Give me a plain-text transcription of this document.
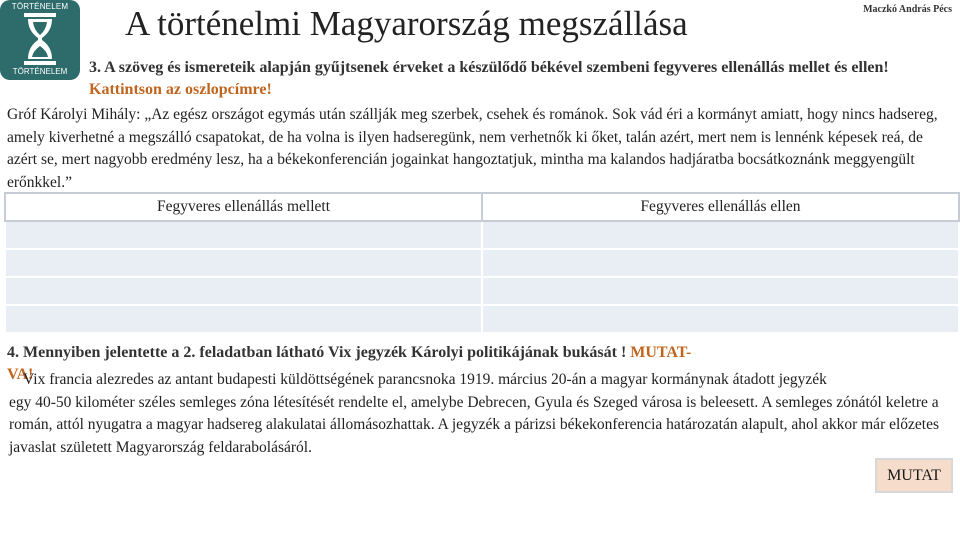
TÖRTÉNELEM
TÖRTÉNELEM
A történelmi Magyarország megszállása	Maczkó András Pécs
3. A szöveg és ismereteik alapján gyűjtsenek érveket a készülődő békével szembeni fegyveres ellenállás mellet és ellen! Kattintson az oszlopcímre!
Gróf Károlyi Mihály: „Az egész országot egymás után szállják meg szerbek, csehek és románok. Sok vád éri a kormányt amiatt, hogy nincs hadsereg, amely kiverhetné a megszálló csapatokat, de ha volna is ilyen hadseregünk, nem verhetnők ki őket, talán azért, mert nem is lennénk képesek reá, de azért se, mert nagyobb eredmény lesz, ha a békekonferencián jogainkat hangoztatjuk, mintha ma kalandos hadjáratba bocsátkoznánk meggyengült erőnkkel.”
Fegyveres ellenállás mellett	Fegyveres ellenállás ellen

4. Mennyiben jelentette a 2. feladatban látható Vix jegyzék Károlyi politikájának bukását ! MUTAT-
VA!
Vix francia alezredes az antant budapesti küldöttségének parancsnoka 1919. március 20-án a magyar kormánynak átadott jegyzék
egy 40-50 kilométer széles semleges zóna létesítését rendelte el, amelybe Debrecen, Gyula és Szeged városa is beleesett. A semleges zónától keletre a román, attól nyugatra a magyar hadsereg alakulatai állomásozhattak. A jegyzék a párizsi békekonferencia határozatán alapult, ahol akkor már előzetes javaslat született Magyarország feldarabolásáról.
MUTAT
